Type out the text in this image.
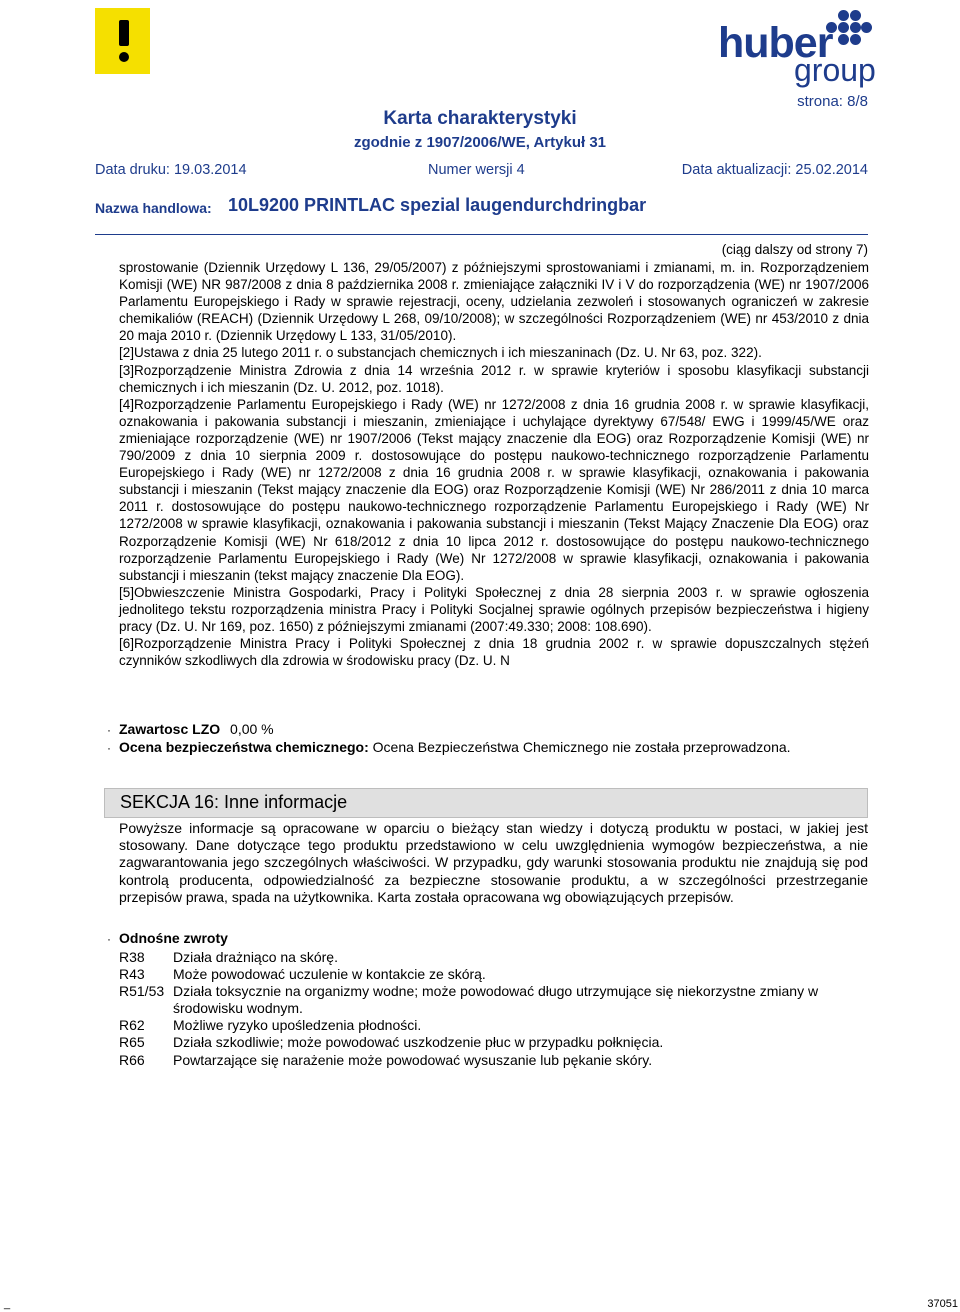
huber
group
strona: 8/8
Karta charakterystyki
zgodnie z 1907/2006/WE, Artykuł 31
Data druku: 19.03.2014	Numer wersji 4	Data aktualizacji: 25.02.2014
Nazwa handlowa: 10L9200 PRINTLAC spezial laugendurchdringbar
(ciąg dalszy od strony 7)
sprostowanie (Dziennik Urzędowy L 136, 29/05/2007) z późniejszymi sprostowaniami i zmianami, m. in. Rozporządzeniem Komisji (WE) NR 987/2008 z dnia 8 października 2008 r. zmieniające załączniki IV i V do rozporządzenia (WE) nr 1907/2006 Parlamentu Europejskiego i Rady w sprawie rejestracji, oceny, udzielania zezwoleń i stosowanych ograniczeń w zakresie chemikaliów (REACH) (Dziennik Urzędowy L 268, 09/10/2008); w szczególności Rozporządzeniem (WE) nr 453/2010 z dnia 20 maja 2010 r. (Dziennik Urzędowy L 133, 31/05/2010).
[2]Ustawa z dnia 25 lutego 2011 r. o substancjach chemicznych i ich mieszaninach (Dz. U. Nr 63, poz. 322).
[3]Rozporządzenie Ministra Zdrowia z dnia 14 września 2012 r. w sprawie kryteriów i sposobu klasyfikacji substancji chemicznych i ich mieszanin (Dz. U. 2012, poz. 1018).
[4]Rozporządzenie Parlamentu Europejskiego i Rady (WE) nr 1272/2008 z dnia 16 grudnia 2008 r. w sprawie klasyfikacji, oznakowania i pakowania substancji i mieszanin, zmieniające i uchylające dyrektywy 67/548/ EWG i 1999/45/WE oraz zmieniające rozporządzenie (WE) nr 1907/2006 (Tekst mający znaczenie dla EOG) oraz Rozporządzenie Komisji (WE) nr 790/2009 z dnia 10 sierpnia 2009 r. dostosowujące do postępu naukowo-technicznego rozporządzenie Parlamentu Europejskiego i Rady (WE) nr 1272/2008 z dnia 16 grudnia 2008 r. w sprawie klasyfikacji, oznakowania i pakowania substancji i mieszanin (Tekst mający znaczenie dla EOG) oraz Rozporządzenie Komisji (WE) Nr 286/2011 z dnia 10 marca 2011 r. dostosowujące do postępu naukowo-technicznego rozporządzenie Parlamentu Europejskiego i Rady (WE) Nr 1272/2008 w sprawie klasyfikacji, oznakowania i pakowania substancji i mieszanin (Tekst Mający Znaczenie Dla EOG) oraz Rozporządzenie Komisji (WE) Nr 618/2012 z dnia 10 lipca 2012 r. dostosowujące do postępu naukowo-technicznego rozporządzenie Parlamentu Europejskiego i Rady (We) Nr 1272/2008 w sprawie klasyfikacji, oznakowania i pakowania substancji i mieszanin (tekst mający znaczenie Dla EOG).
[5]Obwieszczenie Ministra Gospodarki, Pracy i Polityki Społecznej z dnia 28 sierpnia 2003 r. w sprawie ogłoszenia jednolitego tekstu rozporządzenia ministra Pracy i Polityki Socjalnej sprawie ogólnych przepisów bezpieczeństwa i higieny pracy (Dz. U. Nr 169, poz. 1650) z późniejszymi zmianami (2007:49.330; 2008: 108.690).
[6]Rozporządzenie Ministra Pracy i Polityki Społecznej z dnia 18 grudnia 2002 r. w sprawie dopuszczalnych stężeń czynników szkodliwych dla zdrowia w środowisku pracy (Dz. U. N
· Zawartosc LZO 0,00 %
· Ocena bezpieczeństwa chemicznego: Ocena Bezpieczeństwa Chemicznego nie została przeprowadzona.
SEKCJA 16: Inne informacje
Powyższe informacje są opracowane w oparciu o bieżący stan wiedzy i dotyczą produktu w postaci, w jakiej jest stosowany. Dane dotyczące tego produktu przedstawiono w celu uwzględnienia wymogów bezpieczeństwa, a nie zagwarantowania jego szczególnych właściwości. W przypadku, gdy warunki stosowania produktu nie znajdują się pod kontrolą producenta, odpowiedzialność za bezpieczne stosowanie produktu, a w szczególności przestrzeganie przepisów prawa, spada na użytkownika. Karta została opracowana wg obowiązujących przepisów.
· Odnośne zwroty
R38	Działa drażniąco na skórę.
R43	Może powodować uczulenie w kontakcie ze skórą.
R51/53 Działa toksycznie na organizmy wodne; może powodować długo utrzymujące się niekorzystne zmiany w środowisku wodnym.
R62	Możliwe ryzyko upośledzenia płodności.
R65	Działa szkodliwie; może powodować uszkodzenie płuc w przypadku połknięcia.
R66	Powtarzające się narażenie może powodować wysuszanie lub pękanie skóry.
_	37051
